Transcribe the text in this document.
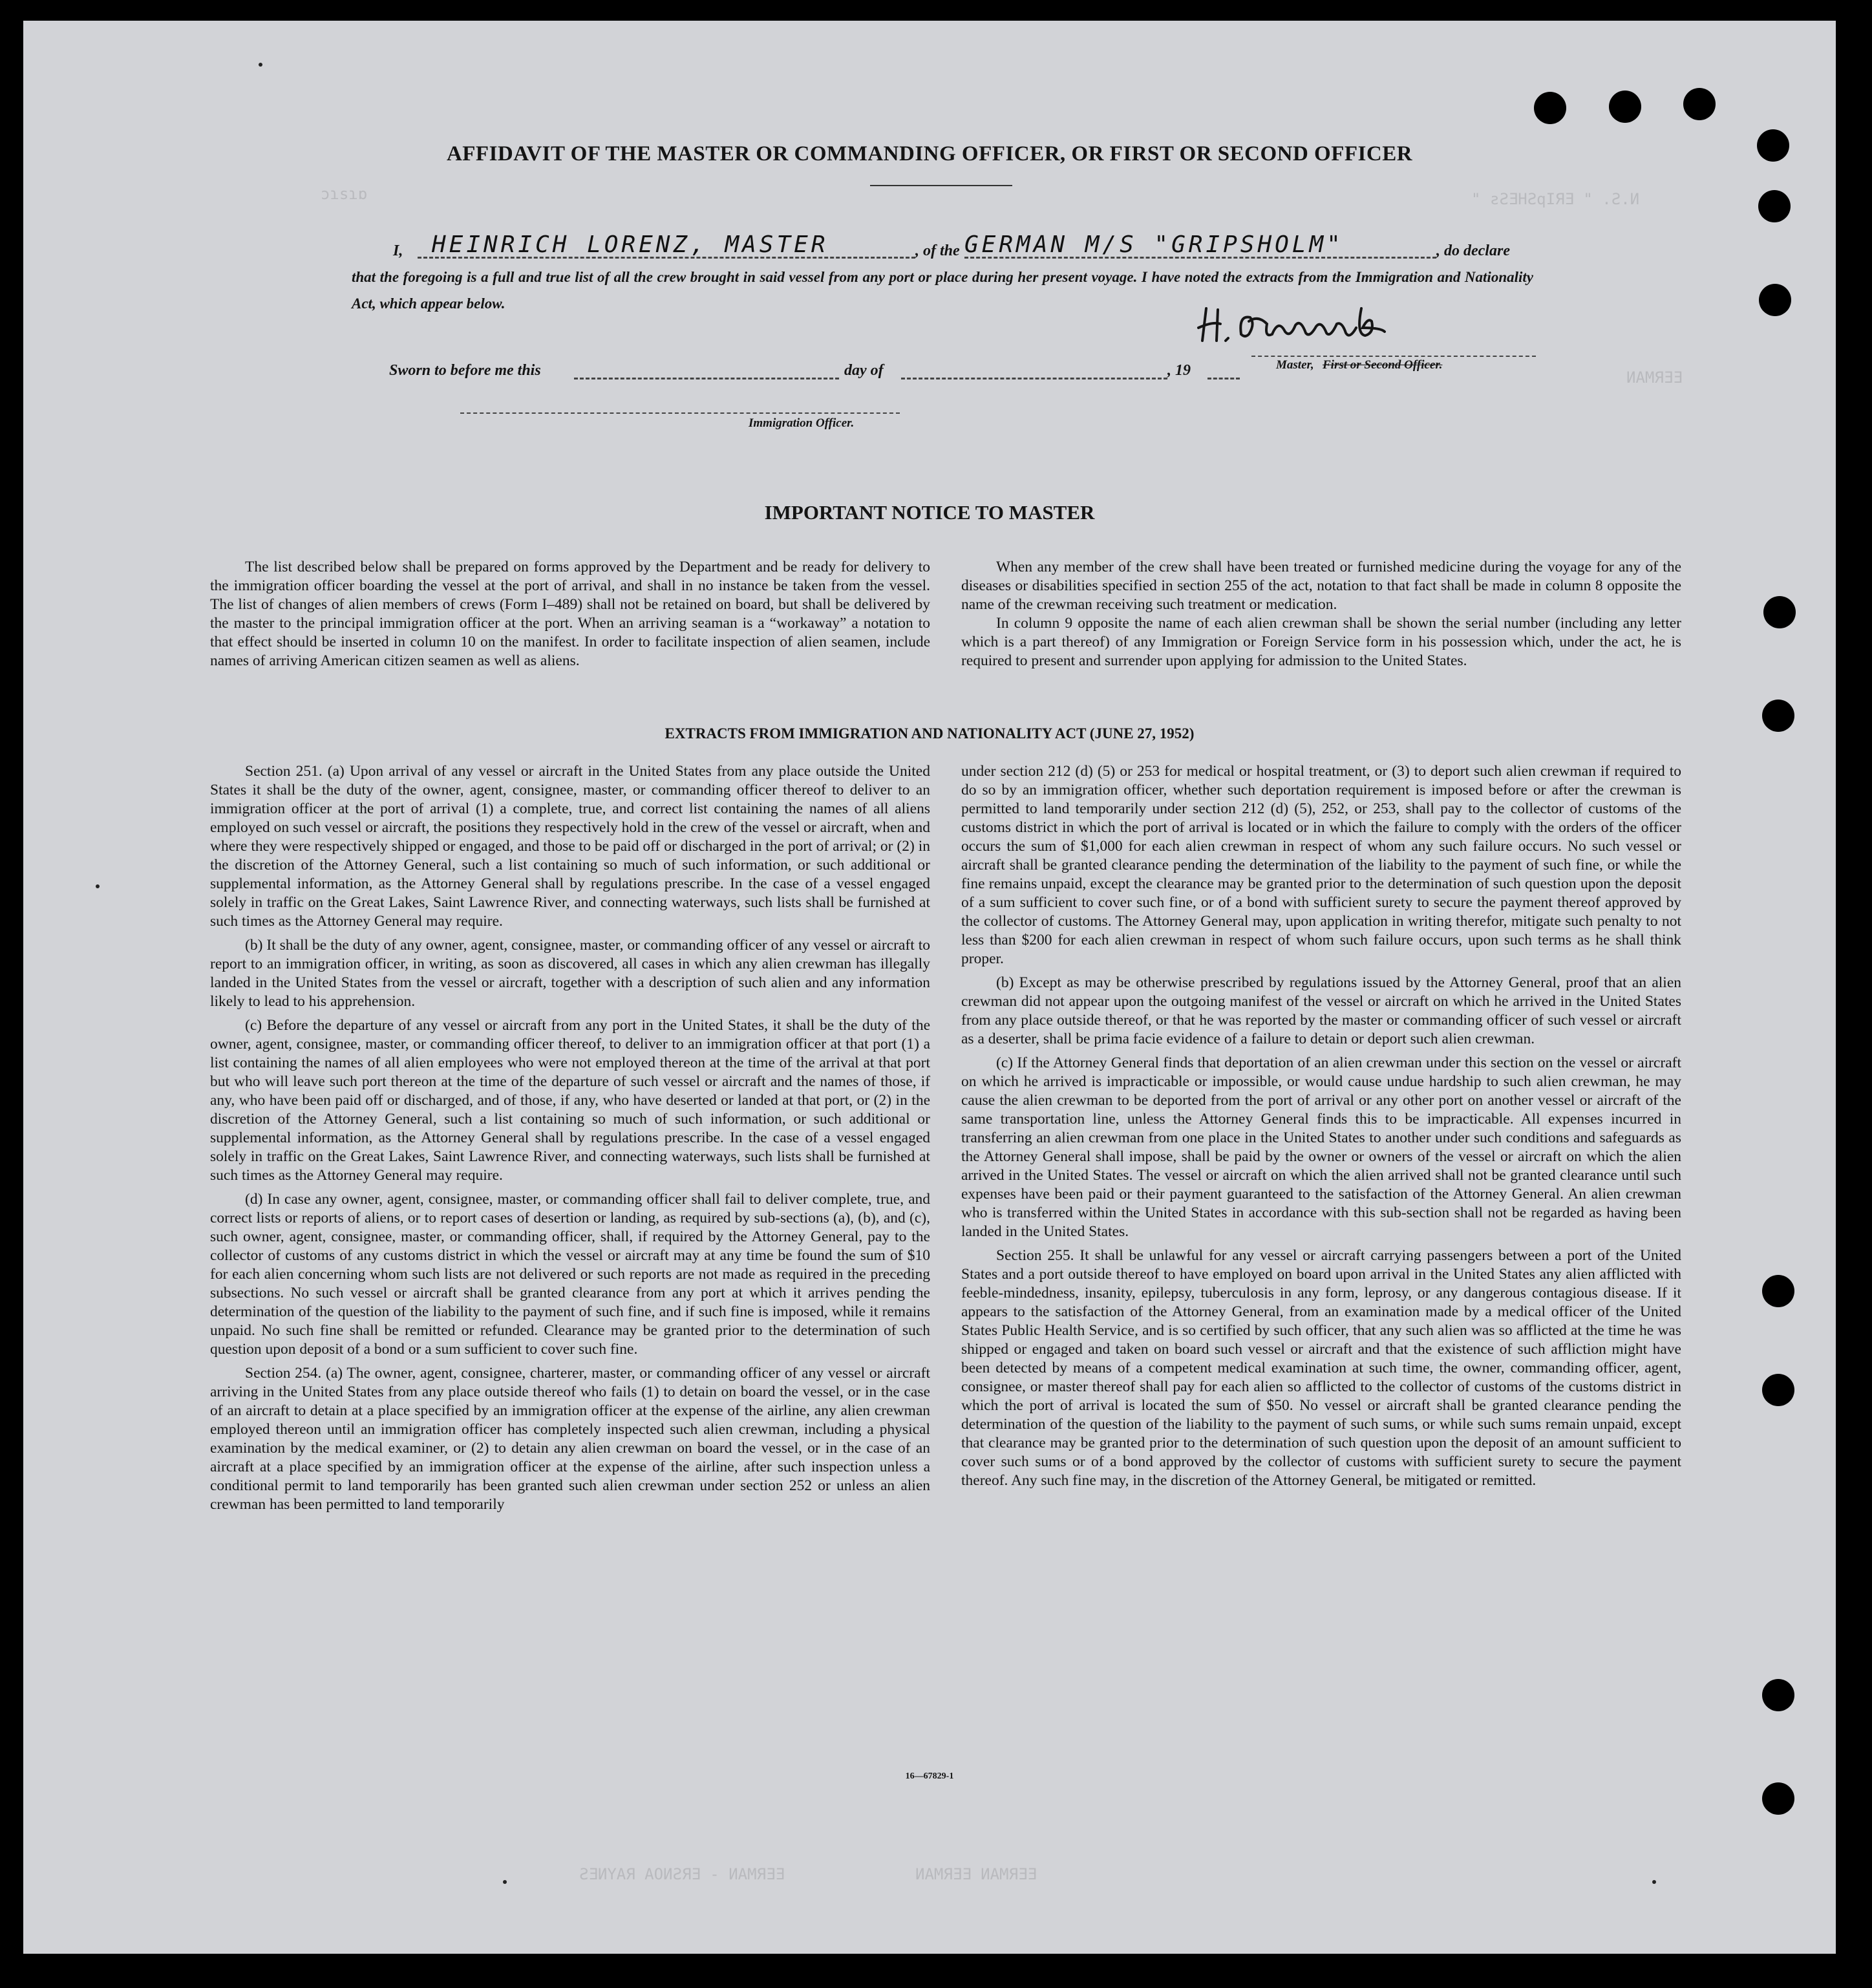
ɔɿsɿɒ	" ƨƧƎHƧqIЯƎ " .Ƨ.И
ИAMЯƎƎ
ƧƎИYAЯ AOИƧЯƎ - ИAMЯƎƎ	ИAMЯƎƎ ИAMЯƎƎ
AFFIDAVIT OF THE MASTER OR COMMANDING OFFICER, OR FIRST OR SECOND OFFICER
I, HEINRICH LORENZ, MASTER	, of the GERMAN M/S "GRIPSHOLM"	, do declare
that the foregoing is a full and true list of all the crew brought in said vessel from any port or place during her present voyage. I have noted the extracts from the Immigration and Nationality Act, which appear below.
Master, First or Second Officer.
Sworn to before me this	day of	, 19
Immigration Officer.
IMPORTANT NOTICE TO MASTER

The list described below shall be prepared on forms approved by the Department and be ready for delivery to the immigration officer boarding the vessel at the port of arrival, and shall in no instance be taken from the vessel. The list of changes of alien members of crews (Form I–489) shall not be retained on board, but shall be delivered by the master to the principal immigration officer at the port. When an arriving seaman is a “workaway” a notation to that effect should be inserted in column 10 on the manifest. In order to facilitate inspection of alien seamen, include names of arriving American citizen seamen as well as aliens.

When any member of the crew shall have been treated or furnished medicine during the voyage for any of the diseases or disabilities specified in section 255 of the act, notation to that fact shall be made in column 8 opposite the name of the crewman receiving such treatment or medication.

In column 9 opposite the name of each alien crewman shall be shown the serial number (including any letter which is a part thereof) of any Immigration or Foreign Service form in his possession which, under the act, he is required to present and surrender upon applying for admission to the United States.

EXTRACTS FROM IMMIGRATION AND NATIONALITY ACT (JUNE 27, 1952)

Section 251. (a) Upon arrival of any vessel or aircraft in the United States from any place outside the United States it shall be the duty of the owner, agent, consignee, master, or commanding officer thereof to deliver to an immigration officer at the port of arrival (1) a complete, true, and correct list containing the names of all aliens employed on such vessel or aircraft, the positions they respectively hold in the crew of the vessel or aircraft, when and where they were respectively shipped or engaged, and those to be paid off or discharged in the port of arrival; or (2) in the discretion of the Attorney General, such a list containing so much of such information, or such additional or supplemental information, as the Attorney General shall by regulations prescribe. In the case of a vessel engaged solely in traffic on the Great Lakes, Saint Lawrence River, and connecting waterways, such lists shall be furnished at such times as the Attorney General may require.

(b) It shall be the duty of any owner, agent, consignee, master, or commanding officer of any vessel or aircraft to report to an immigration officer, in writing, as soon as discovered, all cases in which any alien crewman has illegally landed in the United States from the vessel or aircraft, together with a description of such alien and any information likely to lead to his apprehension.

(c) Before the departure of any vessel or aircraft from any port in the United States, it shall be the duty of the owner, agent, consignee, master, or commanding officer thereof, to deliver to an immigration officer at that port (1) a list containing the names of all alien employees who were not employed thereon at the time of the arrival at that port but who will leave such port thereon at the time of the departure of such vessel or aircraft and the names of those, if any, who have been paid off or discharged, and of those, if any, who have deserted or landed at that port, or (2) in the discretion of the Attorney General, such a list containing so much of such information, or such additional or supplemental information, as the Attorney General shall by regulations prescribe. In the case of a vessel engaged solely in traffic on the Great Lakes, Saint Lawrence River, and connecting waterways, such lists shall be furnished at such times as the Attorney General may require.

(d) In case any owner, agent, consignee, master, or commanding officer shall fail to deliver complete, true, and correct lists or reports of aliens, or to report cases of desertion or landing, as required by sub-sections (a), (b), and (c), such owner, agent, consignee, master, or commanding officer, shall, if required by the Attorney General, pay to the collector of customs of any customs district in which the vessel or aircraft may at any time be found the sum of $10 for each alien concerning whom such lists are not delivered or such reports are not made as required in the preceding subsections. No such vessel or aircraft shall be granted clearance from any port at which it arrives pending the determination of the question of the liability to the payment of such fine, and if such fine is imposed, while it remains unpaid. No such fine shall be remitted or refunded. Clearance may be granted prior to the determination of such question upon deposit of a bond or a sum sufficient to cover such fine.

Section 254. (a) The owner, agent, consignee, charterer, master, or commanding officer of any vessel or aircraft arriving in the United States from any place outside thereof who fails (1) to detain on board the vessel, or in the case of an aircraft to detain at a place specified by an immigration officer at the expense of the airline, any alien crewman employed thereon until an immigration officer has completely inspected such alien crewman, including a physical examination by the medical examiner, or (2) to detain any alien crewman on board the vessel, or in the case of an aircraft at a place specified by an immigration officer at the expense of the airline, after such inspection unless a conditional permit to land temporarily has been granted such alien crewman under section 252 or unless an alien crewman has been permitted to land temporarily

under section 212 (d) (5) or 253 for medical or hospital treatment, or (3) to deport such alien crewman if required to do so by an immigration officer, whether such deportation requirement is imposed before or after the crewman is permitted to land temporarily under section 212 (d) (5), 252, or 253, shall pay to the collector of customs of the customs district in which the port of arrival is located or in which the failure to comply with the orders of the officer occurs the sum of $1,000 for each alien crewman in respect of whom any such failure occurs. No such vessel or aircraft shall be granted clearance pending the determination of the liability to the payment of such fine, or while the fine remains unpaid, except the clearance may be granted prior to the determination of such question upon the deposit of a sum sufficient to cover such fine, or of a bond with sufficient surety to secure the payment thereof approved by the collector of customs. The Attorney General may, upon application in writing therefor, mitigate such penalty to not less than $200 for each alien crewman in respect of whom such failure occurs, upon such terms as he shall think proper.

(b) Except as may be otherwise prescribed by regulations issued by the Attorney General, proof that an alien crewman did not appear upon the outgoing manifest of the vessel or aircraft on which he arrived in the United States from any place outside thereof, or that he was reported by the master or commanding officer of such vessel or aircraft as a deserter, shall be prima facie evidence of a failure to detain or deport such alien crewman.

(c) If the Attorney General finds that deportation of an alien crewman under this section on the vessel or aircraft on which he arrived is impracticable or impossible, or would cause undue hardship to such alien crewman, he may cause the alien crewman to be deported from the port of arrival or any other port on another vessel or aircraft of the same transportation line, unless the Attorney General finds this to be impracticable. All expenses incurred in transferring an alien crewman from one place in the United States to another under such conditions and safeguards as the Attorney General shall impose, shall be paid by the owner or owners of the vessel or aircraft on which the alien arrived in the United States. The vessel or aircraft on which the alien arrived shall not be granted clearance until such expenses have been paid or their payment guaranteed to the satisfaction of the Attorney General. An alien crewman who is transferred within the United States in accordance with this sub-section shall not be regarded as having been landed in the United States.

Section 255. It shall be unlawful for any vessel or aircraft carrying passengers between a port of the United States and a port outside thereof to have employed on board upon arrival in the United States any alien afflicted with feeble-mindedness, insanity, epilepsy, tuberculosis in any form, leprosy, or any dangerous contagious disease. If it appears to the satisfaction of the Attorney General, from an examination made by a medical officer of the United States Public Health Service, and is so certified by such officer, that any such alien was so afflicted at the time he was shipped or engaged and taken on board such vessel or aircraft and that the existence of such affliction might have been detected by means of a competent medical examination at such time, the owner, commanding officer, agent, consignee, or master thereof shall pay for each alien so afflicted to the collector of customs of the customs district in which the port of arrival is located the sum of $50. No vessel or aircraft shall be granted clearance pending the determination of the question of the liability to the payment of such sums, or while such sums remain unpaid, except that clearance may be granted prior to the determination of such question upon the deposit of an amount sufficient to cover such sums or of a bond approved by the collector of customs with sufficient surety to secure the payment thereof. Any such fine may, in the discretion of the Attorney General, be mitigated or remitted.

16—67829-1
